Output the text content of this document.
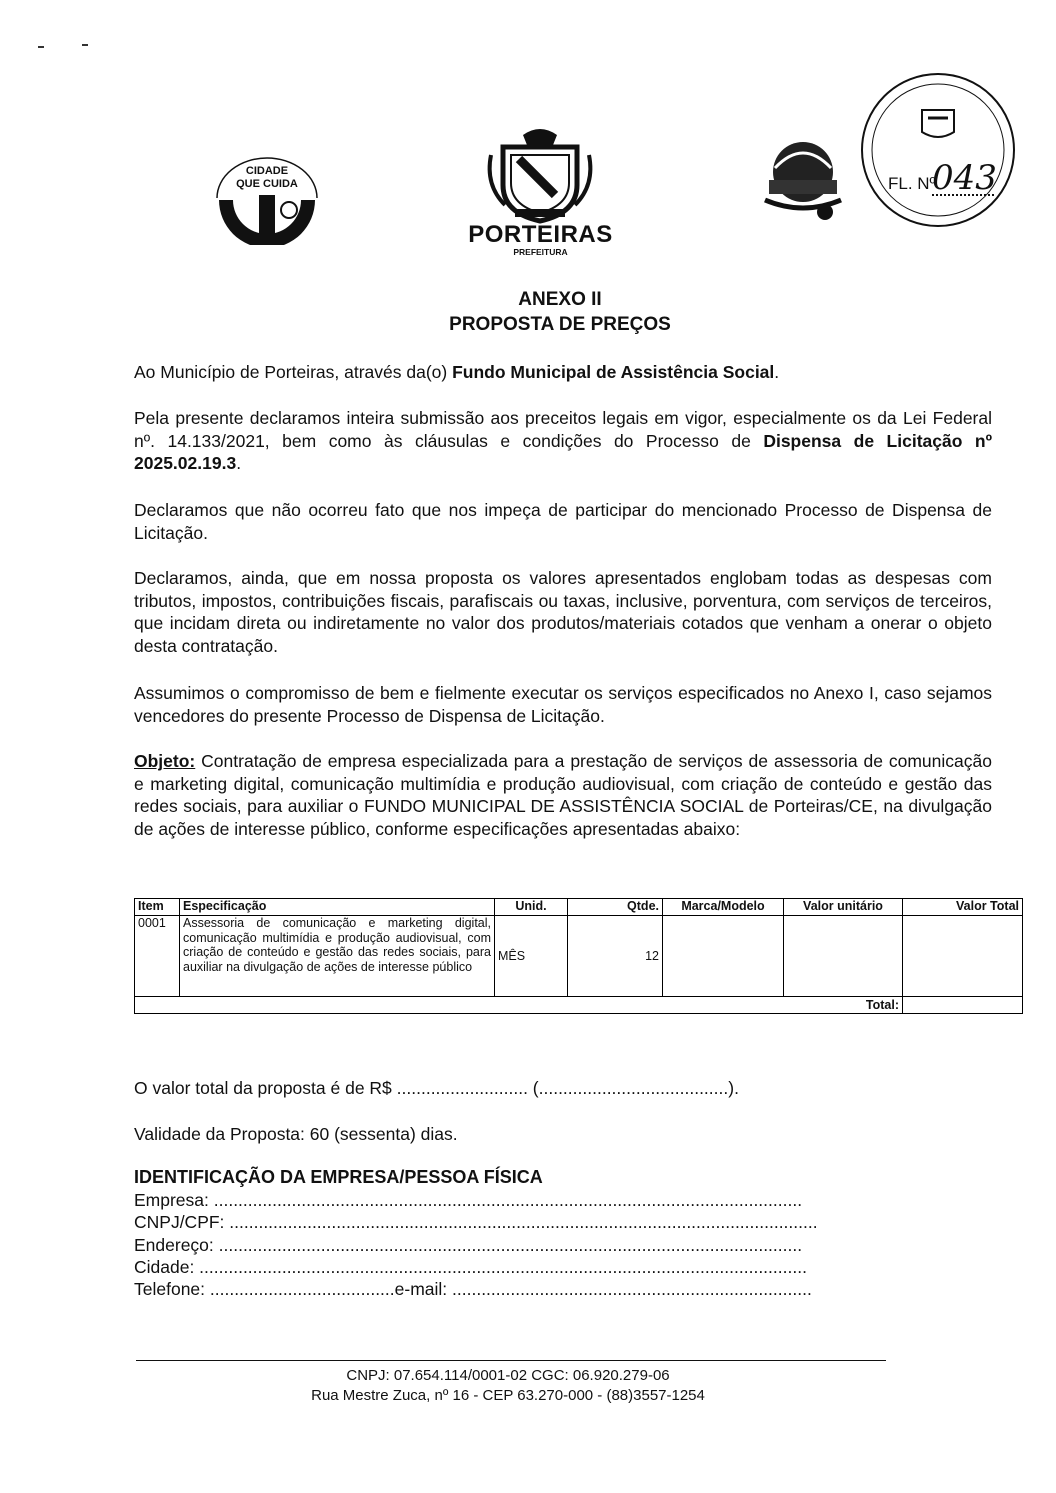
CIDADE
QUE CUIDA
PORTEIRAS
PREFEITURA
FL. Nº
043
ANEXO II
PROPOSTA DE PREÇOS
Ao Município de Porteiras, através da(o) Fundo Municipal de Assistência Social.
Pela presente declaramos inteira submissão aos preceitos legais em vigor, especialmente os da Lei Federal nº. 14.133/2021, bem como às cláusulas e condições do Processo de Dispensa de Licitação nº 2025.02.19.3.
Declaramos que não ocorreu fato que nos impeça de participar do mencionado Processo de Dispensa de Licitação.
Declaramos, ainda, que em nossa proposta os valores apresentados englobam todas as despesas com tributos, impostos, contribuições fiscais, parafiscais ou taxas, inclusive, porventura, com serviços de terceiros, que incidam direta ou indiretamente no valor dos produtos/materiais cotados que venham a onerar o objeto desta contratação.
Assumimos o compromisso de bem e fielmente executar os serviços especificados no Anexo I, caso sejamos vencedores do presente Processo de Dispensa de Licitação.
Objeto: Contratação de empresa especializada para a prestação de serviços de assessoria de comunicação e marketing digital, comunicação multimídia e produção audiovisual, com criação de conteúdo e gestão das redes sociais, para auxiliar o FUNDO MUNICIPAL DE ASSISTÊNCIA SOCIAL de Porteiras/CE, na divulgação de ações de interesse público, conforme especificações apresentadas abaixo:
Item	Especificação	Unid.	Qtde.	Marca/Modelo	Valor unitário	Valor Total
0001	Assessoria de comunicação e marketing digital, comunicação multimídia e produção audiovisual, com criação de conteúdo e gestão das redes sociais, para auxiliar na divulgação de ações de interesse público	MÊS	12			
Total:						
O valor total da proposta é de R$ ........................... (.......................................).
Validade da Proposta: 60 (sessenta) dias.
IDENTIFICAÇÃO DA EMPRESA/PESSOA FÍSICA
Empresa: .........................................................................................................................
CNPJ/CPF: .........................................................................................................................
Endereço: ........................................................................................................................
Cidade: .............................................................................................................................
Telefone: ......................................e-mail: ..........................................................................
CNPJ: 07.654.114/0001-02 CGC: 06.920.279-06
Rua Mestre Zuca, nº 16 - CEP 63.270-000 - (88)3557-1254
